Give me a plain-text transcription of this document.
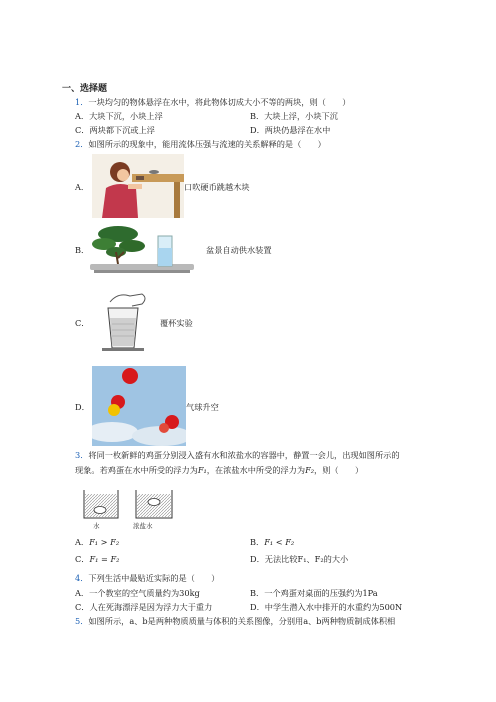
一、选择题
1．一块均匀的物体悬浮在水中，将此物体切成大小不等的两块，则（　　）
A．大块下沉，小块上浮	B．大块上浮，小块下沉
C．两块都下沉或上浮	D．两块仍悬浮在水中
2．如图所示的现象中，能用流体压强与流速的关系解释的是（　　）
A．	口吹硬币跳越木块
B．	盆景自动供水装置
C．	覆杯实验
D．	气球升空
3．将同一枚新鲜的鸡蛋分别浸入盛有水和浓盐水的容器中，静置一会儿，出现如图所示的
现象。若鸡蛋在水中所受的浮力为F₁，在浓盐水中所受的浮力为F₂，则（　　）
水	浓盐水
A．F₁ > F₂	B．F₁ < F₂
C．F₁ = F₂	D．无法比较F₁、F₂的大小
4．下列生活中最贴近实际的是（　　）
A．一个教室的空气质量约为30kg	B．一个鸡蛋对桌面的压强约为1Pa
C．人在死海漂浮是因为浮力大于重力	D．中学生潜入水中排开的水重约为500N
5．如图所示，a、b是两种物质质量与体积的关系图像，分别用a、b两种物质制成体积相
